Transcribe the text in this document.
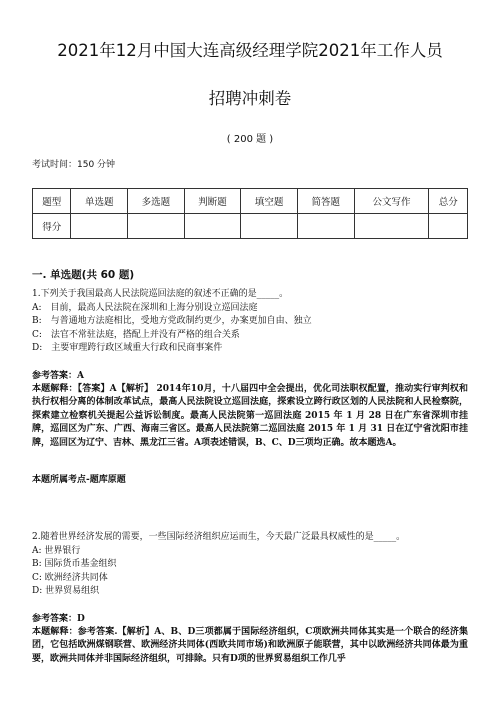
2021年12月中国大连高级经理学院2021年工作人员

招聘冲刺卷

( 200 题 )
考试时间：150 分钟
题型	单选题	多选题	判断题	填空题	简答题	公文写作	总分
得分							
一. 单选题(共 60 题)
1.下列关于我国最高人民法院巡回法庭的叙述不正确的是_____。
A:　目前，最高人民法院在深圳和上海分别设立巡回法庭
B:　与普通地方法庭相比，受地方党政制约更少，办案更加自由、独立
C:　法官不常驻法庭，搭配上并没有严格的组合关系
D:　主要审理跨行政区域重大行政和民商事案件
参考答案：A
本题解释：【答案】A【解析】 2014年10月，十八届四中全会提出，优化司法职权配置，推动实行审判权和执行权相分离的体制改革试点，最高人民法院设立巡回法庭，探索设立跨行政区划的人民法院和人民检察院，探索建立检察机关提起公益诉讼制度。最高人民法院第一巡回法庭 2015 年 1 月 28 日在广东省深圳市挂牌，巡回区为广东、广西、海南三省区。最高人民法院第二巡回法庭 2015 年 1 月 31 日在辽宁省沈阳市挂牌，巡回区为辽宁、吉林、黑龙江三省。A项表述错误，B、C、D三项均正确。故本题选A。
本题所属考点-题库原题
2.随着世界经济发展的需要，一些国际经济组织应运而生，今天最广泛最具权威性的是_____。
A: 世界银行
B: 国际货币基金组织
C: 欧洲经济共同体
D: 世界贸易组织
参考答案：D
本题解释：参考答案.【解析】A、B、D三项都属于国际经济组织，C项欧洲共同体其实是一个联合的经济集团，它包括欧洲煤钢联营、欧洲经济共同体(西欧共同市场)和欧洲原子能联营，其中以欧洲经济共同体最为重要，欧洲共同体并非国际经济组织，可排除。只有D项的世界贸易组织工作几乎
